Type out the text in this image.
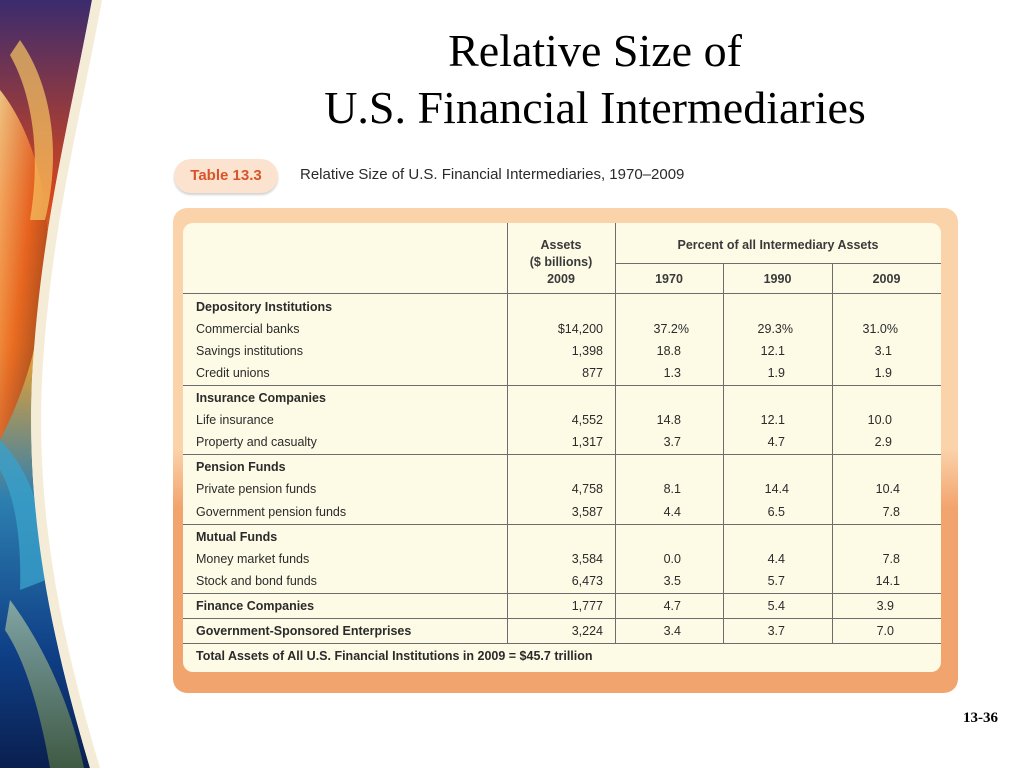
Relative Size of
U.S. Financial Intermediaries
Table 13.3	Relative Size of U.S. Financial Intermediaries, 1970–2009
Assets
($ billions)
2009
Percent of all Intermediary Assets
1970	1990	2009
Depository Institutions
Commercial banks	$14,200	37.2%	29.3%	31.0%
Savings institutions	1,398	18.8	12.1	3.1
Credit unions	877	1.3	1.9	1.9
Insurance Companies
Life insurance	4,552	14.8	12.1	10.0
Property and casualty	1,317	3.7	4.7	2.9
Pension Funds
Private pension funds	4,758	8.1	14.4	10.4
Government pension funds	3,587	4.4	6.5	7.8
Mutual Funds
Money market funds	3,584	0.0	4.4	7.8
Stock and bond funds	6,473	3.5	5.7	14.1
Finance Companies	1,777	4.7	5.4	3.9
Government-Sponsored Enterprises	3,224	3.4	3.7	7.0
Total Assets of All U.S. Financial Institutions in 2009 = $45.7 trillion
13-36
